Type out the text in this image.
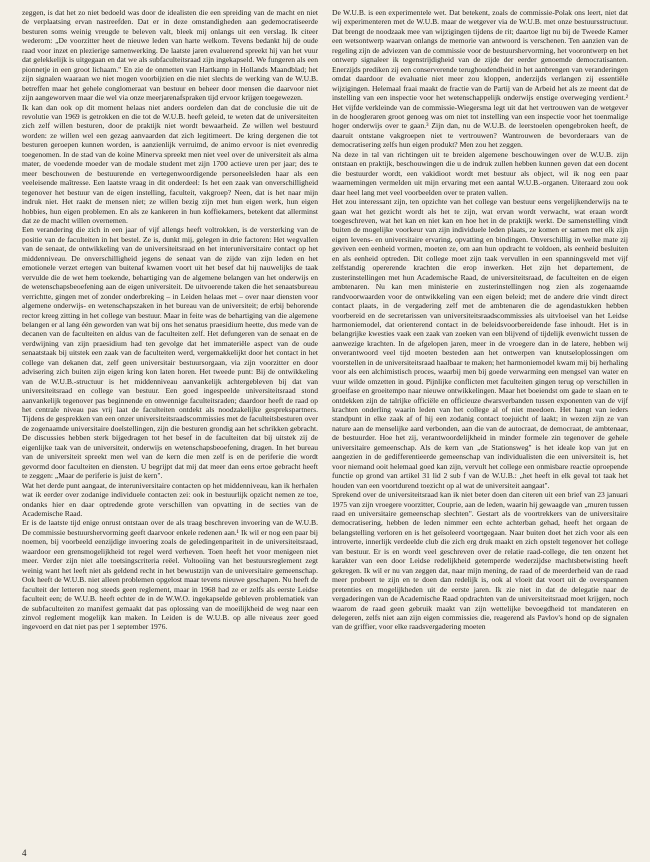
zeggen, is dat het zo niet bedoeld was door de idealisten die een spreiding van de macht en niet de verplaatsing ervan nastreefden. Dat er in deze omstandigheden aan gedemocratiseerde besturen soms weinig vreugde te beleven valt, bleek mij onlangs uit een verslag. Ik citeer wederom: „De voorzitter heet de nieuwe leden van harte welkom. Tevens bedankt hij de oude raad voor inzet en plezierige samenwerking. De laatste jaren evaluerend spreekt hij van het vuur dat gelekkelijk is uitgegaan en dat we als subfaculteitsraad zijn ingekapseld. We fungeren als een pionnetje in een groot lichaam." En zie de onmetten van Hartkamp in Hollands Maandblad; het zijn signalen waaraan we niet mogen voorbijzien en die niet slechts de werking van de W.U.B. betreffen maar het gehele conglomeraat van bestuur en beheer door mensen die daarvoor niet zijn aangeworven maar die wel via onze meerjarenafspraken tijd ervoor krijgen toegewezen.

Ik kan dan ook op dit moment helaas niet anders oordelen dan dat de conclusie die uit de revolutie van 1969 is getrokken en die tot de W.U.B. heeft geleid, te weten dat de universiteiten zich zelf willen besturen, door de praktijk niet wordt bewaarheid. Ze willen wel bestuurd worden: ze willen wel een gezag aanvaarden dat zich legitimeert. De kring dergenen die tot besturen geroepen kunnen worden, is aanzienlijk verruimd, de animo ervoor is niet evenredig toegenomen. In de stad van de koine Minerva spreekt men niet veel over de universiteit als alma mater, de voedende moeder van de modale student met zijn 1700 actieve uren per jaar; des te meer beschouwen de bestuurende en vertegenwoordigende personeelsleden haar als een veeleisende maîtresse. Een laatste vraag in dit onderdeel: Is het een zaak van onverschilligheid tegenover het bestuur van de eigen instelling, faculteit, vakgroep? Neen, dat is het naar mijn indruk niet. Het raakt de mensen niet; ze willen bezig zijn met hun eigen werk, hun eigen hobbies, hun eigen problemen. En als ze kankeren in hun koffiekamers, betekent dat allerminst dat ze de macht willen overnemen.

Een verandering die zich in een jaar of vijf allengs heeft voltrokken, is de versterking van de positie van de faculteiten in het bestel. Ze is, dunkt mij, gelegen in drie factoren: Het wegvallen van de senaat, de ontwikkeling van de universiteitsraad en het interuniversitaire contact op het middenniveau. De onverschilligheid jegens de senaat van de zijde van zijn leden en het emotionele verzet ertegen van buitenaf kwamen voort uit het besef dat hij nauwelijks de taak vervulde die de wet hem toekende, behartiging van de algemene belangen van het onderwijs en de wetenschapsbeoefening aan de eigen universiteit. De uitvoerende taken die het senaatsbureau verrichtte, gingen met of zonder onderbreking – in Leiden helaas met – over naar diensten voor algemene onderwijs- en wetenschapszaken in het bureau van de universiteit; de erbij behorende rector kreeg zitting in het college van bestuur. Maar in feite was de behartiging van die algemene belangen er al lang één geworden van wat bij ons het senatus praesidium heette, dus mede van de decanen van de faculteiten en aldus van de faculteiten zelf. Het defungeren van de senaat en de verdwijning van zijn praesidium had ten gevolge dat het immateriële aspect van de oude senaatstaak bij uitstek een zaak van de faculteiten werd, vergemakkelijkt door het contact in het college van dekanen dat, zelf geen universitair bestuursorgaan, via zijn voorzitter en door advisering zich buiten zijn eigen kring kon laten horen. Het tweede punt: Bij de ontwikkeling van de W.U.B.-structuur is het middenniveau aanvankelijk achtergebleven bij dat van universiteitsraad en college van bestuur. Een goed ingespeelde universiteitsraad stond aanvankelijk tegenover pas beginnende en onwennige faculteitsraden; daardoor heeft de raad op het centrale niveau pas vrij laat de faculteiten ontdekt als noodzakelijke gesprekspartners. Tijdens de gesprekken van een onzer universiteitsraadscommissies met de faculteitsbesturen over de zogenaamde universitaire doelstellingen, zijn die besturen grondig aan het schrikken gebracht. De discussies hebben sterk bijgedragen tot het besef in de faculteiten dat bij uitstek zij de eigenlijke taak van de universiteit, onderwijs en wetenschapsbeoefening, dragen. In het bureau van de universiteit spreekt men wel van de kern die men zelf is en de periferie die wordt gevormd door faculteiten en diensten. U begrijpt dat mij dat meer dan eens ertoe gebracht heeft te zeggen: „Maar de periferie is juist de kern".

Wat het derde punt aangaat, de interuniversitaire contacten op het middenniveau, kan ik herhalen wat ik eerder over zodanige individuele contacten zei: ook in bestuurlijk opzicht nemen ze toe, ondanks hier en daar optredende grote verschillen van opvatting in de secties van de Academische Raad.

Er is de laatste tijd enige onrust ontstaan over de als traag beschreven invoering van de W.U.B. De commissie bestuurshervorming geeft daarvoor enkele redenen aan.¹ Ik wil er nog een paar bij noemen, bij voorbeeld eenzijdige invoering zoals de geledingenpariteit in de universiteitsraad, waardoor een grensmogelijkheid tot regel werd verheven. Toen heeft het voor menigeen niet meer. Verder zijn niet alle toetsingscriteria reëel. Voltooiing van het bestuursreglement zegt weinig want het leeft niet als geldend recht in het bewustzijn van de universitaire gemeenschap. Ook heeft de W.U.B. niet alleen problemen opgelost maar tevens nieuwe geschapen. Nu heeft de faculteit der letteren nog steeds geen reglement, maar in 1968 had ze er zelfs als eerste Leidse faculteit een; de W.U.B. heeft echter de in de W.W.O. ingekapselde gebleven problematiek van de subfaculteiten zo manifest gemaakt dat pas oplossing van de moeilijkheid de weg naar een zinvol reglement mogelijk kan maken. In Leiden is de W.U.B. op alle niveaus zeer goed ingevoerd en dat niet pas per 1 september 1976.

De W.U.B. is een experimentele wet. Dat betekent, zoals de commissie-Polak ons leert, niet dat wij experimenteren met de W.U.B. maar de wetgever via de W.U.B. met onze bestuursstructuur. Dat brengt de noodzaak mee van wijzigingen tijdens de rit; daartoe ligt nu bij de Tweede Kamer een wetsontwerp waarvan onlangs de memorie van antwoord is verschenen. Ten aanzien van de regeling zijn de adviezen van de commissie voor de bestuurshervorming, het voorontwerp en het ontwerp signaleer ik tegenstrijdigheid van de zijde der eerder genoemde democratisanten. Enerzijds prediken zij een conserverende terughoudendheid in het aanbrengen van veranderingen omdat daardoor de evaluatie niet meer zou kloppen, anderzijds verlangen zij essentiële wijzigingen. Helemaal fraai maakt de fractie van de Partij van de Arbeid het als ze meent dat de instelling van een inspectie voor het wetenschappelijk onderwijs enstige overweging verdient.² Het vijfde verkleinde van de commissie-Wiegersma legt uit dat het vertrouwen van de wetgever in de hoogleraren groot genoeg was om niet tot instelling van een inspectie voor het toenmalige hoger onderwijs over te gaan.³ Zijn dan, nu de W.U.B. de leerstoelen opengebroken heeft, de daaruit ontstane vakgroepen niet te vertrouwen? Wantrouwen de bevorderaars van de democratisering zelfs hun eigen produkt? Men zou het zeggen.

Na deze in tal van richtingen uit te breiden algemene beschouwingen over de W.U.B. zijn ontstaan en praktijk, beschouwingen die u de indruk zullen hebben kunnen geven dat een docent die bestuurder wordt, een vakidioot wordt met bestuur als object, wil ik nog een paar waarnemingen vermelden uit mijn ervaring met een aantal W.U.B.-organen. Uiteraard zou ook daar heel lang met veel voorbeelden over te praten vallen.

Het zou interessant zijn, ten opzichte van het college van bestuur eens vergelijkenderwijs na te gaan wat het gezicht wordt als het te zijn, wat ervan wordt verwacht, wat eraan wordt toegeschreven, wat het kan en niet kan en hoe het in de praktijk werkt. De samenstelling vindt buiten de mogelijke voorkeur van zijn individuele leden plaats, ze komen er samen met elk zijn eigen levens- en universitaire ervaring, opvatting en bindingen. Onverschillig in welke mate zij geviven een eenheid vormen, moeten ze, om aan hun opdracht te voldoen, als eenheid besluiten en als eenheid optreden. Dit college moet zijn taak vervullen in een spanningsveld met vijf zelfstandig opererende krachten die erop inwerken. Het zijn het departement, de zusterinstellingen met hun Academische Raad, de universiteitsraad, de faculteiten en de eigen ambtenaren. Nu kan men ministerie en zusterinstellingen nog zien als zogenaamde randvoorwaarden voor de ontwikkeling van een eigen beleid; met de andere drie vindt direct contact plaats, in de vergadering zelf met de ambtenaren die de agendastukken hebben voorbereid en de secretarissen van universiteitsraadscommissies als uitvloeisel van het Leidse harmoniemodel, dat orienterend contact in de beleidsvoorbereidende fase inhoudt. Het is in belangrijke kwesties vaak een zaak van zoeken van een blijvend of tijdelijk evenwicht tussen de aanwezige krachten. In de afgelopen jaren, meer in de vroegere dan in de latere, hebben wij onverantwoord veel tijd moeten besteden aan het ontwerpen van knutseloplossingen om voorstellen in de universiteitsraad haalbaar te maken; het harmoniemodel kwam mij bij herhaling voor als een alchimistisch proces, waarbij men bij goede verwarming een mengsel van water en vuur wilde omzetten in goud. Pijnlijke conflicten met faculteiten gingen terug op verschillen in groeifase en groeitempo naar nieuwe ontwikkelingen. Maar het boeiendst om gade te slaan en te ontdekken zijn de talrijke officiële en officieuze dwarsverbanden tussen exponenten van de vijf krachten onderling waarin leden van het college al of niet meedoen. Het hangt van ieders standpunt in elke zaak af of hij een zodanig contact toejuicht of laakt; in wezen zijn ze van nature aan de menselijke aard verbonden, aan die van de autocraat, de democraat, de ambtenaar, de bestuurder. Hoe het zij, verantwoordelijkheid in minder formele zin tegenover de gehele universitaire gemeenschap. Als de kern van „de Stationsweg" is het ideale kop van jut en aangezien in de gedifferentieerde gemeenschap van individualisten die een universiteit is, het voor niemand ooit helemaal goed kan zijn, vervult het college een onmisbare reactie oproepende functie op grond van artikel 31 lid 2 sub f van de W.U.B.: „het heeft in elk geval tot taak het houden van een voortdurend toezicht op al wat de universiteit aangaat".

Sprekend over de universiteitsraad kan ik niet beter doen dan citeren uit een brief van 23 januari 1975 van zijn vroegere voorzitter, Couprie, aan de leden, waarin hij gewaagde van „muren tussen raad en universitaire gemeenschap slechten". Gestart als de voortrekkers van de universitaire democratisering, hebben de leden nimmer een echte achterban gehad, heeft het orgaan de belangstelling verloren en is het geïsoleerd voortgegaan. Naar buiten doet het zich voor als een introverte, innerlijk verdeelde club die zich erg druk maakt en zich opstelt tegenover het college van bestuur. Er is en wordt veel geschreven over de relatie raad-college, die ten onzent het karakter van een door Leidse redelijkheid getemperde wederzijdse machtsbetwisting heeft gekregen. Ik wil er nu van zeggen dat, naar mijn mening, de raad of de meerderheid van de raad meer probeert te zijn en te doen dan redelijk is, ook al vloeit dat voort uit de overspannen pretenties en mogelijkheden uit de eerste jaren. Ik zie niet in dat de delegatie naar de vergaderingen van de Academische Raad opdrachten van de universiteitsraad moet krijgen, noch waarom de raad geen gebruik maakt van zijn wettelijke bevoegdheid tot mandateren en delegeren, zelfs niet aan zijn eigen commissies die, reagerend als Pavlov's hond op de signalen van de griffier, voor elke raadsvergadering moeten

4
